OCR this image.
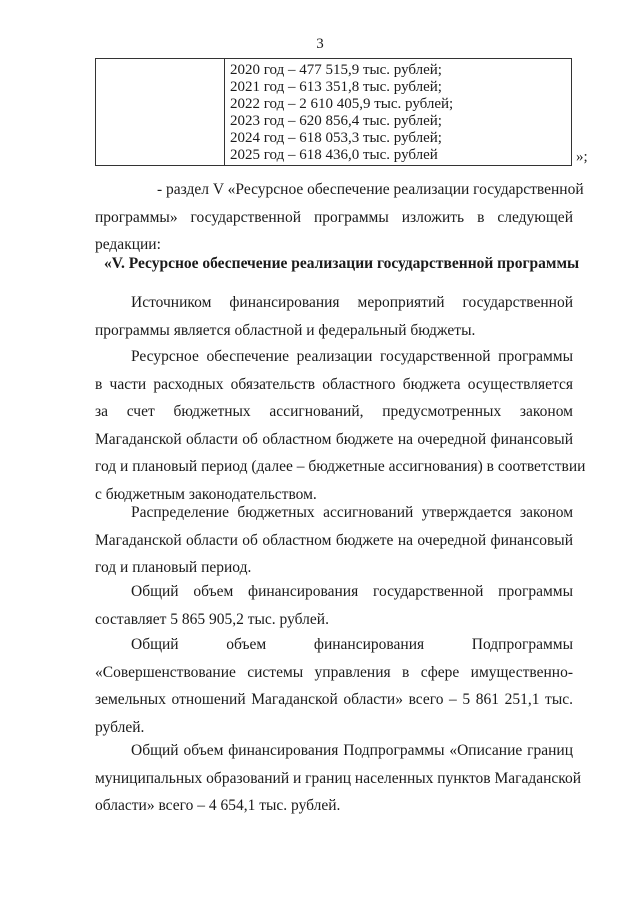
3
2020 год – 477 515,9 тыс. рублей;
2021 год – 613 351,8 тыс. рублей;
2022 год – 2 610 405,9 тыс. рублей;
2023 год – 620 856,4 тыс. рублей;
2024 год – 618 053,3 тыс. рублей;
2025 год – 618 436,0 тыс. рублей	»;
- раздел V «Ресурсное обеспечение реализации государственной
программы» государственной программы изложить в следующей
редакции:
«V. Ресурсное обеспечение реализации государственной программы
Источником финансирования мероприятий государственной
программы является областной и федеральный бюджеты.
Ресурсное обеспечение реализации государственной программы
в части расходных обязательств областного бюджета осуществляется
за счет бюджетных ассигнований, предусмотренных законом
Магаданской области об областном бюджете на очередной финансовый
год и плановый период (далее – бюджетные ассигнования) в соответствии
с бюджетным законодательством.
Распределение бюджетных ассигнований утверждается законом
Магаданской области об областном бюджете на очередной финансовый
год и плановый период.
Общий объем финансирования государственной программы
составляет 5 865 905,2 тыс. рублей.
Общий объем финансирования Подпрограммы
«Совершенствование системы управления в сфере имущественно-
земельных отношений Магаданской области» всего – 5 861 251,1 тыс.
рублей.
Общий объем финансирования Подпрограммы «Описание границ
муниципальных образований и границ населенных пунктов Магаданской
области» всего – 4 654,1 тыс. рублей.
